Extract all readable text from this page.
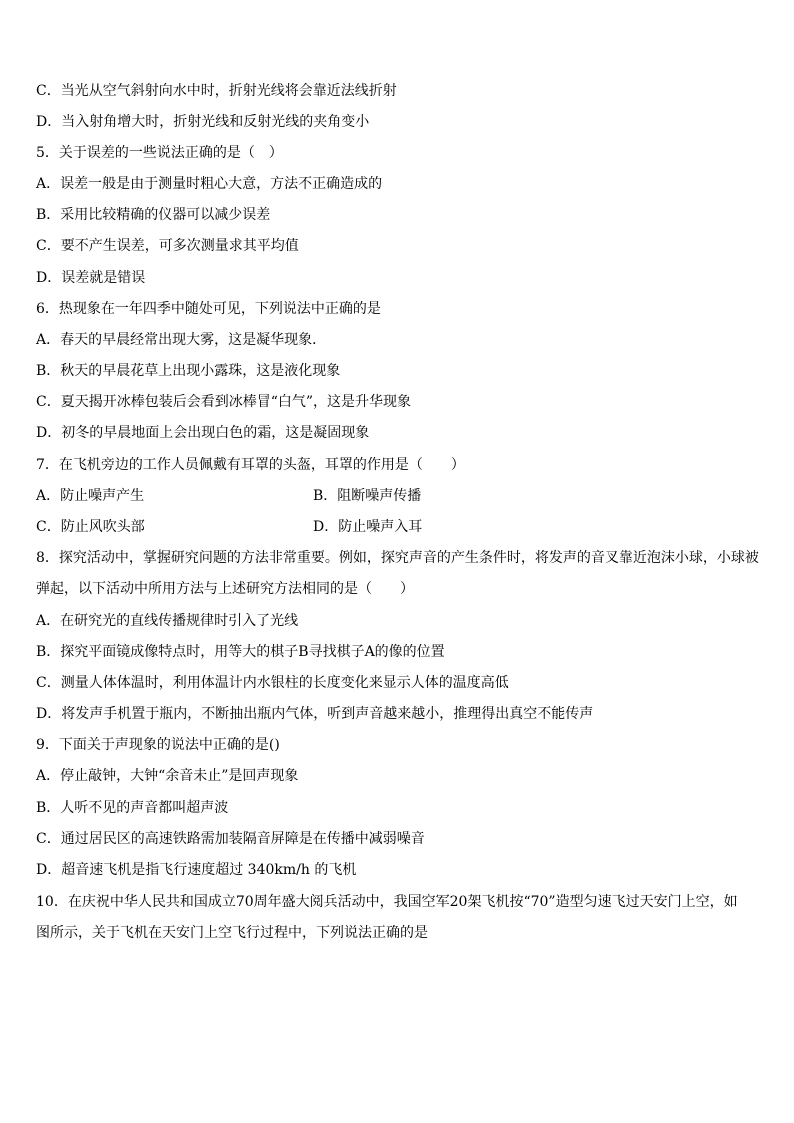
C．当光从空气斜射向水中时，折射光线将会靠近法线折射
D．当入射角增大时，折射光线和反射光线的夹角变小
5．关于误差的一些说法正确的是（　）
A．误差一般是由于测量时粗心大意，方法不正确造成的
B．采用比较精确的仪器可以减少误差
C．要不产生误差，可多次测量求其平均值
D．误差就是错误
6．热现象在一年四季中随处可见，下列说法中正确的是
A．春天的早晨经常出现大雾，这是凝华现象．
B．秋天的早晨花草上出现小露珠，这是液化现象
C．夏天揭开冰棒包装后会看到冰棒冒“白气”，这是升华现象
D．初冬的早晨地面上会出现白色的霜，这是凝固现象
7．在飞机旁边的工作人员佩戴有耳罩的头盔，耳罩的作用是（　　）
A．防止噪声产生	B．阻断噪声传播
C．防止风吹头部	D．防止噪声入耳
8．探究活动中，掌握研究问题的方法非常重要。例如，探究声音的产生条件时，将发声的音叉靠近泡沫小球，小球被
弹起，以下活动中所用方法与上述研究方法相同的是（　　）
A．在研究光的直线传播规律时引入了光线
B．探究平面镜成像特点时，用等大的棋子B寻找棋子A的像的位置
C．测量人体体温时，利用体温计内水银柱的长度变化来显示人体的温度高低
D．将发声手机置于瓶内，不断抽出瓶内气体，听到声音越来越小，推理得出真空不能传声
9．下面关于声现象的说法中正确的是()
A．停止敲钟，大钟“余音未止”是回声现象
B．人听不见的声音都叫超声波
C．通过居民区的高速铁路需加装隔音屏障是在传播中减弱噪音
D．超音速飞机是指飞行速度超过 340km/h 的飞机
10．在庆祝中华人民共和国成立70周年盛大阅兵活动中，我国空军20架飞机按“70”造型匀速飞过天安门上空，如
图所示，关于飞机在天安门上空飞行过程中，下列说法正确的是
